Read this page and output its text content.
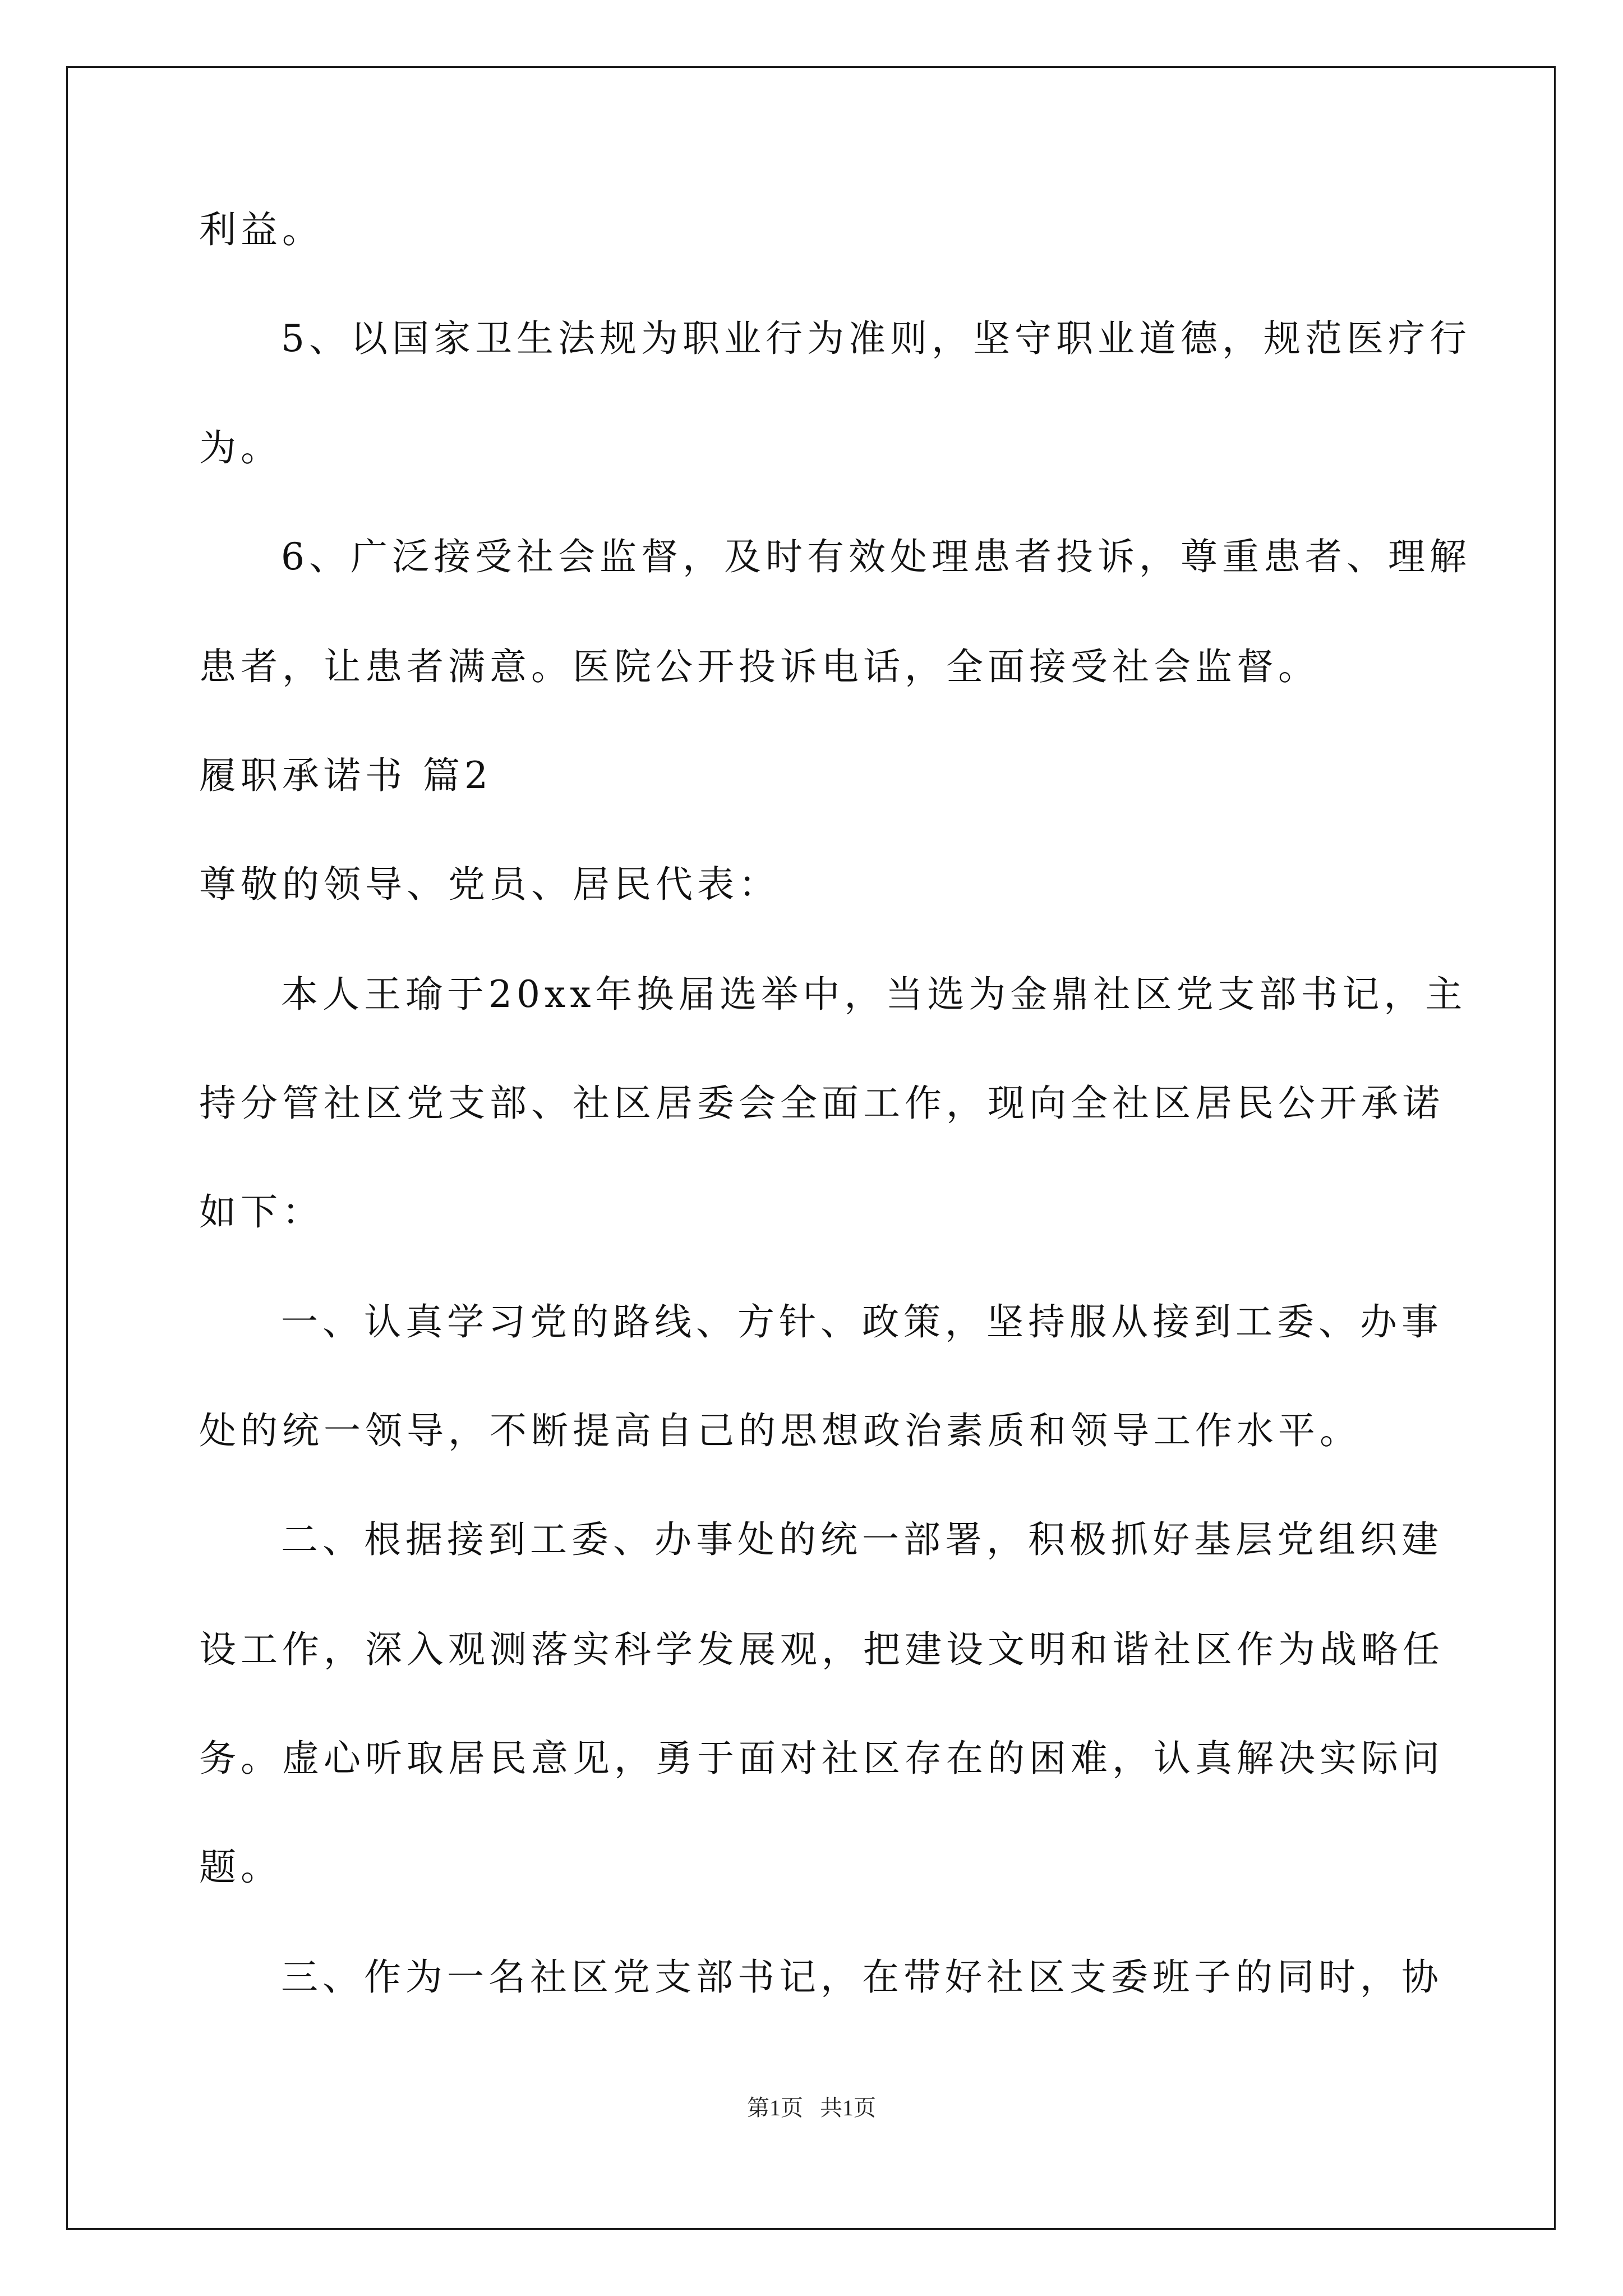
利益。
5、以国家卫生法规为职业行为准则，坚守职业道德，规范医疗行
为。
6、广泛接受社会监督，及时有效处理患者投诉，尊重患者、理解
患者，让患者满意。医院公开投诉电话，全面接受社会监督。
履职承诺书 篇2
尊敬的领导、党员、居民代表：
本人王瑜于20xx年换届选举中，当选为金鼎社区党支部书记，主
持分管社区党支部、社区居委会全面工作，现向全社区居民公开承诺
如下：
一、认真学习党的路线、方针、政策，坚持服从接到工委、办事
处的统一领导，不断提高自己的思想政治素质和领导工作水平。
二、根据接到工委、办事处的统一部署，积极抓好基层党组织建
设工作，深入观测落实科学发展观，把建设文明和谐社区作为战略任
务。虚心听取居民意见，勇于面对社区存在的困难，认真解决实际问
题。
三、作为一名社区党支部书记，在带好社区支委班子的同时，协
第1页   共1页
